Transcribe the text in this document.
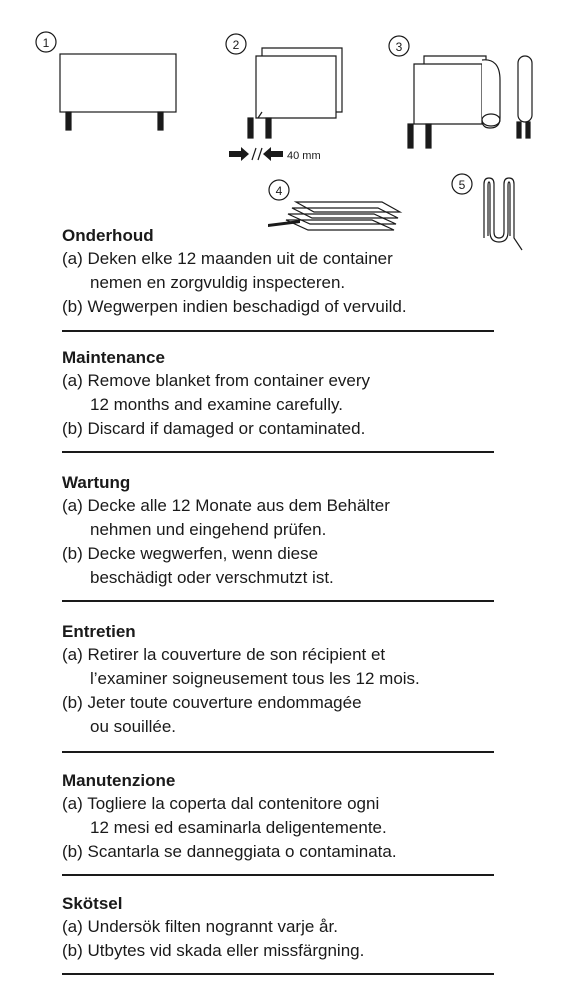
1	2
40 mm
3
4	5
Onderhoud
(a) Deken elke 12 maanden uit de container
nemen en zorgvuldig inspecteren.
(b) Wegwerpen indien beschadigd of vervuild.
Maintenance
(a) Remove blanket from container every
12 months and examine carefully.
(b) Discard if damaged or contaminated.
Wartung
(a) Decke alle 12 Monate aus dem Behälter
nehmen und eingehend prüfen.
(b) Decke wegwerfen, wenn diese
beschädigt oder verschmutzt ist.
Entretien
(a) Retirer la couverture de son récipient et
l’examiner soigneusement tous les 12 mois.
(b) Jeter toute couverture endommagée
ou souillée.
Manutenzione
(a) Togliere la coperta dal contenitore ogni
12 mesi ed esaminarla deligentemente.
(b) Scantarla se danneggiata o contaminata.
Skötsel
(a) Undersök filten nogrannt varje år.
(b) Utbytes vid skada eller missfärgning.
